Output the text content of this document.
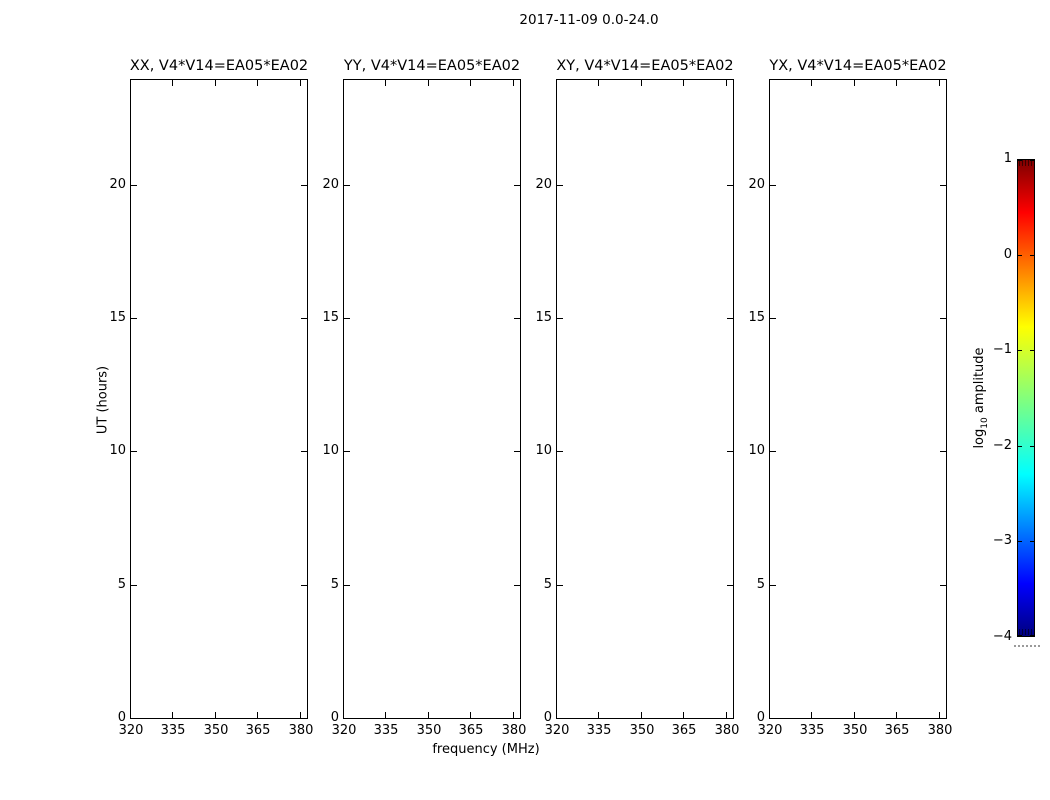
2017-11-09 0.0-24.0
XX, V4*V14=EA05*EA02
320 335 350 365 380
0
5
10
15
20
YY, V4*V14=EA05*EA02
320 335 350 365 380
0
5
10
15
20
XY, V4*V14=EA05*EA02
320 335 350 365 380
0
5
10
15
20
YX, V4*V14=EA05*EA02
320 335 350 365 380
0
5
10
15
20
frequency (MHz)
UT (hours)
1
0
−1
−2
−3
−4
$\log_{10}$ amplitude
